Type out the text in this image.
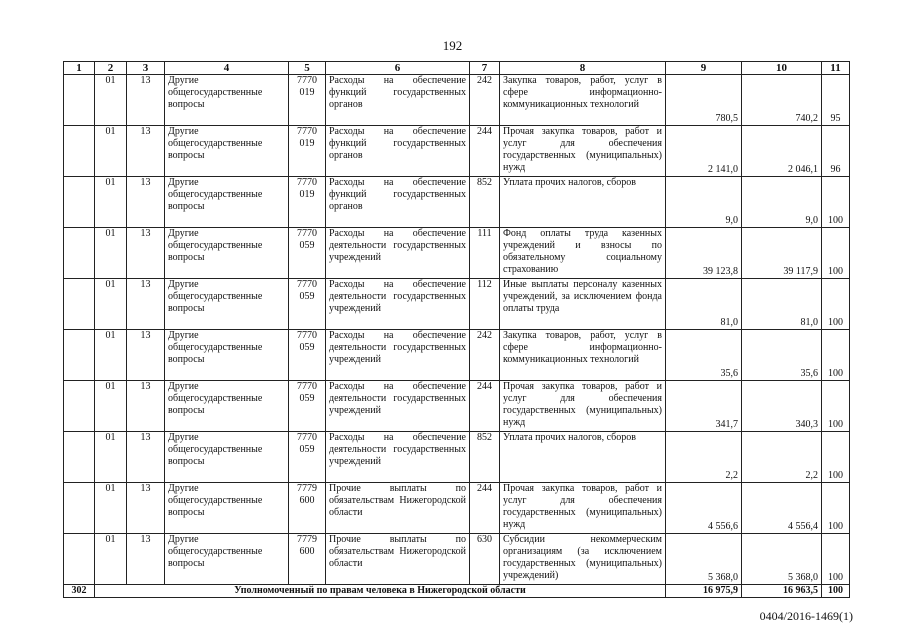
192
1	2	3	4	5	6	7	8	9	10	11
	01	13	Другие общегосударственные вопросы	7770 019	Расходы на обеспечение функций государственных органов	242	Закупка товаров, работ, услуг в сфере информационно-коммуникационных технологий	780,5	740,2	95
	01	13	Другие общегосударственные вопросы	7770 019	Расходы на обеспечение функций государственных органов	244	Прочая закупка товаров, работ и услуг для обеспечения государственных (муниципальных) нужд	2 141,0	2 046,1	96
	01	13	Другие общегосударственные вопросы	7770 019	Расходы на обеспечение функций государственных органов	852	Уплата прочих налогов, сборов	9,0	9,0	100
	01	13	Другие общегосударственные вопросы	7770 059	Расходы на обеспечение деятельности государственных учреждений	111	Фонд оплаты труда казенных учреждений и взносы по обязательному социальному страхованию	39 123,8	39 117,9	100
	01	13	Другие общегосударственные вопросы	7770 059	Расходы на обеспечение деятельности государственных учреждений	112	Иные выплаты персоналу казенных учреждений, за исключением фонда оплаты труда	81,0	81,0	100
	01	13	Другие общегосударственные вопросы	7770 059	Расходы на обеспечение деятельности государственных учреждений	242	Закупка товаров, работ, услуг в сфере информационно-коммуникационных технологий	35,6	35,6	100
	01	13	Другие общегосударственные вопросы	7770 059	Расходы на обеспечение деятельности государственных учреждений	244	Прочая закупка товаров, работ и услуг для обеспечения государственных (муниципальных) нужд	341,7	340,3	100
	01	13	Другие общегосударственные вопросы	7770 059	Расходы на обеспечение деятельности государственных учреждений	852	Уплата прочих налогов, сборов	2,2	2,2	100
	01	13	Другие общегосударственные вопросы	7779 600	Прочие выплаты по обязательствам Нижегородской области	244	Прочая закупка товаров, работ и услуг для обеспечения государственных (муниципальных) нужд	4 556,6	4 556,4	100
	01	13	Другие общегосударственные вопросы	7779 600	Прочие выплаты по обязательствам Нижегородской области	630	Субсидии некоммерческим организациям (за исключением государственных (муниципальных) учреждений)	5 368,0	5 368,0	100
302	Уполномоченный по правам человека в Нижегородской области							16 975,9	16 963,5	100
0404/2016-1469(1)
